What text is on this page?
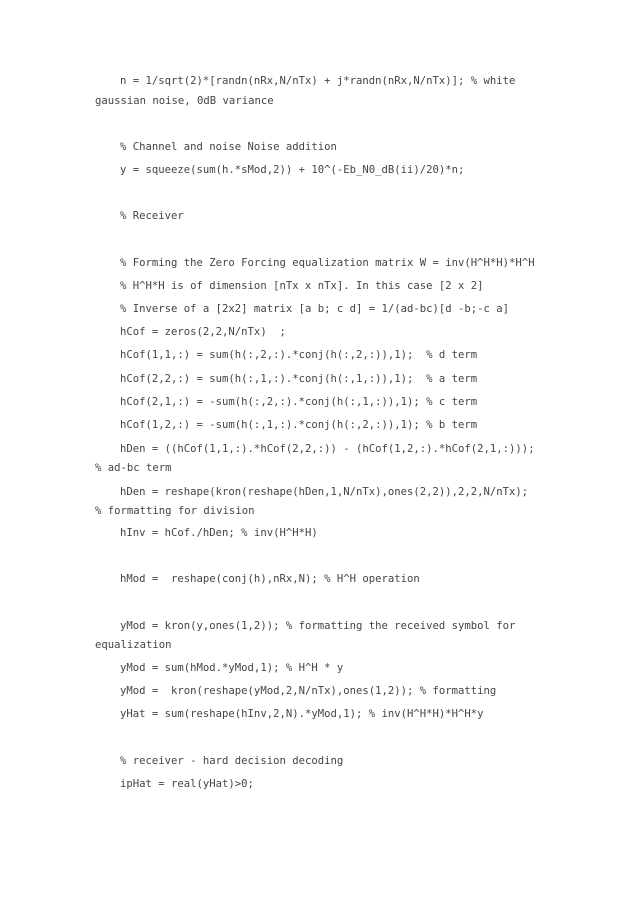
n = 1/sqrt(2)*[randn(nRx,N/nTx) + j*randn(nRx,N/nTx)]; % white
gaussian noise, 0dB variance
% Channel and noise Noise addition
y = squeeze(sum(h.*sMod,2)) + 10^(-Eb_N0_dB(ii)/20)*n;
% Receiver
% Forming the Zero Forcing equalization matrix W = inv(H^H*H)*H^H
% H^H*H is of dimension [nTx x nTx]. In this case [2 x 2]
% Inverse of a [2x2] matrix [a b; c d] = 1/(ad-bc)[d -b;-c a]
hCof = zeros(2,2,N/nTx)  ;
hCof(1,1,:) = sum(h(:,2,:).*conj(h(:,2,:)),1);  % d term
hCof(2,2,:) = sum(h(:,1,:).*conj(h(:,1,:)),1);  % a term
hCof(2,1,:) = -sum(h(:,2,:).*conj(h(:,1,:)),1); % c term
hCof(1,2,:) = -sum(h(:,1,:).*conj(h(:,2,:)),1); % b term
hDen = ((hCof(1,1,:).*hCof(2,2,:)) - (hCof(1,2,:).*hCof(2,1,:)));
% ad-bc term
hDen = reshape(kron(reshape(hDen,1,N/nTx),ones(2,2)),2,2,N/nTx);
% formatting for division
hInv = hCof./hDen; % inv(H^H*H)
hMod =  reshape(conj(h),nRx,N); % H^H operation
yMod = kron(y,ones(1,2)); % formatting the received symbol for
equalization
yMod = sum(hMod.*yMod,1); % H^H * y
yMod =  kron(reshape(yMod,2,N/nTx),ones(1,2)); % formatting
yHat = sum(reshape(hInv,2,N).*yMod,1); % inv(H^H*H)*H^H*y
% receiver - hard decision decoding
ipHat = real(yHat)>0;
